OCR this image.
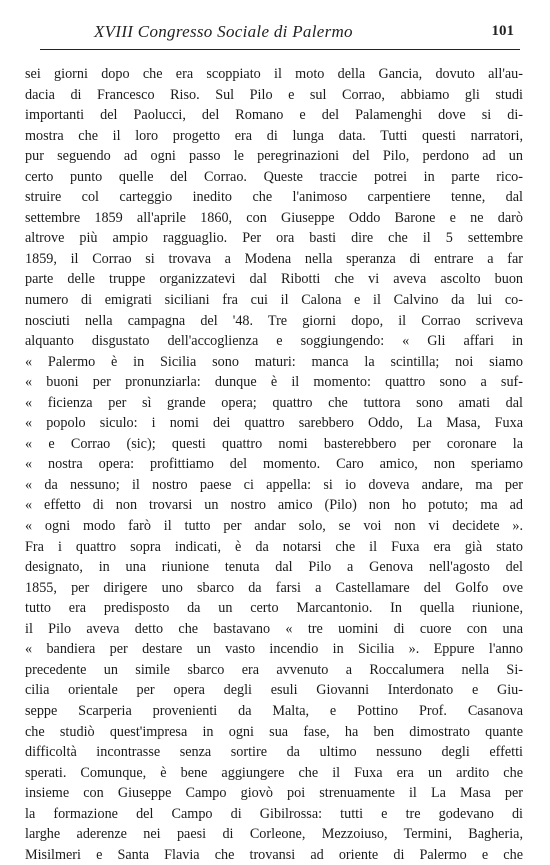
XVIII Congresso Sociale di Palermo	101
sei giorni dopo che era scoppiato il moto della Gancia, dovuto all'au-
dacia di Francesco Riso. Sul Pilo e sul Corrao, abbiamo gli studi
importanti del Paolucci, del Romano e del Palamenghi dove si di-
mostra che il loro progetto era di lunga data. Tutti questi narratori,
pur seguendo ad ogni passo le peregrinazioni del Pilo, perdono ad un
certo punto quelle del Corrao. Queste traccie potrei in parte rico-
struire col carteggio inedito che l'animoso carpentiere tenne, dal
settembre 1859 all'aprile 1860, con Giuseppe Oddo Barone e ne darò
altrove più ampio ragguaglio. Per ora basti dire che il 5 settembre
1859, il Corrao si trovava a Modena nella speranza di entrare a far
parte delle truppe organizzatevi dal Ribotti che vi aveva ascolto buon
numero di emigrati siciliani fra cui il Calona e il Calvino da lui co-
nosciuti nella campagna del '48. Tre giorni dopo, il Corrao scriveva
alquanto disgustato dell'accoglienza e soggiungendo: « Gli affari in
« Palermo è in Sicilia sono maturi: manca la scintilla; noi siamo
« buoni per pronunziarla: dunque è il momento: quattro sono a suf-
« ficienza per sì grande opera; quattro che tuttora sono amati dal
« popolo siculo: i nomi dei quattro sarebbero Oddo, La Masa, Fuxa
« e Corrao (sic); questi quattro nomi basterebbero per coronare la
« nostra opera: profittiamo del momento. Caro amico, non speriamo
« da nessuno; il nostro paese ci appella: si io doveva andare, ma per
« effetto di non trovarsi un nostro amico (Pilo) non ho potuto; ma ad
« ogni modo farò il tutto per andar solo, se voi non vi decidete ».
Fra i quattro sopra indicati, è da notarsi che il Fuxa era già stato
designato, in una riunione tenuta dal Pilo a Genova nell'agosto del
1855, per dirigere uno sbarco da farsi a Castellamare del Golfo ove
tutto era predisposto da un certo Marcantonio. In quella riunione,
il Pilo aveva detto che bastavano « tre uomini di cuore con una
« bandiera per destare un vasto incendio in Sicilia ». Eppure l'anno
precedente un simile sbarco era avvenuto a Roccalumera nella Si-
cilia orientale per opera degli esuli Giovanni Interdonato e Giu-
seppe Scarperia provenienti da Malta, e Pottino Prof. Casanova
che studiò quest'impresa in ogni sua fase, ha ben dimostrato quante
difficoltà incontrasse senza sortire da ultimo nessuno degli effetti
sperati. Comunque, è bene aggiungere che il Fuxa era un ardito che
insieme con Giuseppe Campo giovò poi strenuamente il La Masa per
la formazione del Campo di Gibilrossa: tutti e tre godevano di
larghe aderenze nei paesi di Corleone, Mezzoiuso, Termini, Bagheria,
Misilmeri e Santa Flavia che trovansi ad oriente di Palermo e che
